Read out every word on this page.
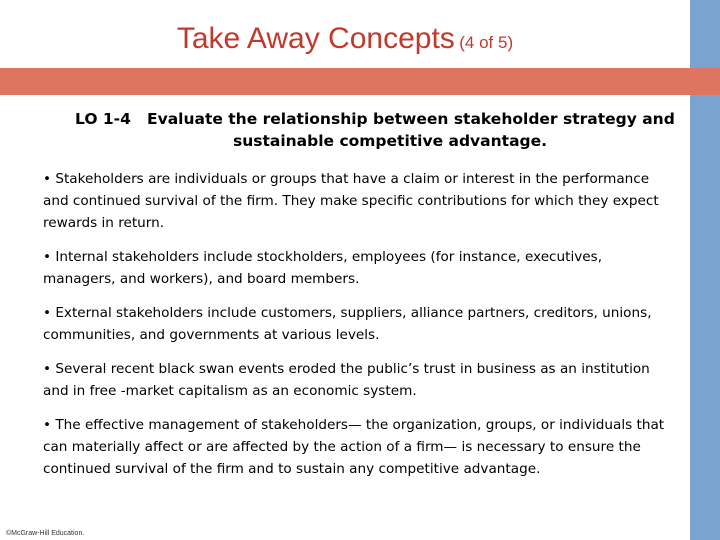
Take Away Concepts (4 of 5)
LO 1-4 Evaluate the relationship between stakeholder strategy and
sustainable competitive advantage.

• Stakeholders are individuals or groups that have a claim or interest in the performance and continued survival of the firm. They make specific contributions for which they expect rewards in return.

• Internal stakeholders include stockholders, employees (for instance, executives, managers, and workers), and board members.

• External stakeholders include customers, suppliers, alliance partners, creditors, unions, communities, and governments at various levels.

• Several recent black swan events eroded the public’s trust in business as an institution and in free -market capitalism as an economic system.

• The effective management of stakeholders— the organization, groups, or individuals that can materially affect or are affected by the action of a firm— is necessary to ensure the continued survival of the firm and to sustain any competitive advantage.

©McGraw-Hill Education.
